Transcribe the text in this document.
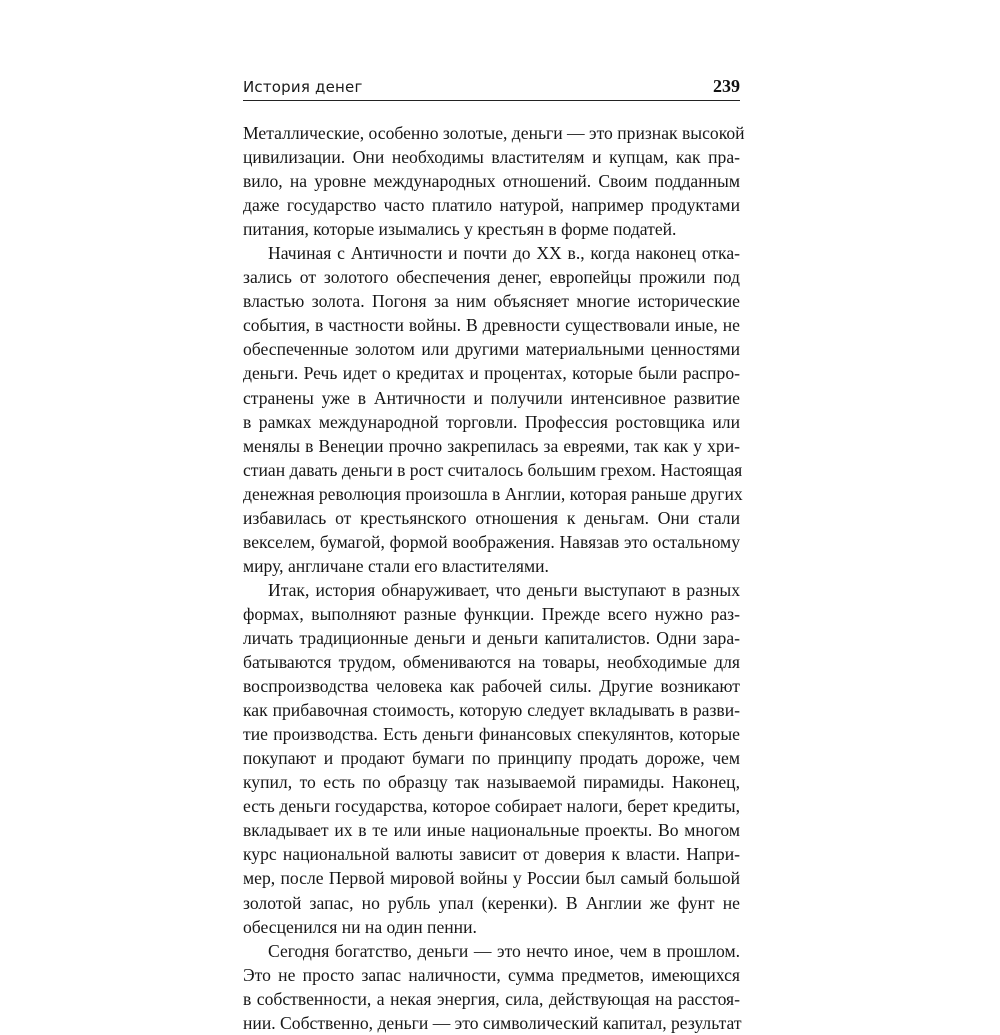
История денег	239
Металлические, особенно золотые, деньги — это признак высокой
цивилизации. Они необходимы властителям и купцам, как пра-
вило, на уровне международных отношений. Своим подданным
даже государство часто платило натурой, например продуктами
питания, которые изымались у крестьян в форме податей.
Начиная с Античности и почти до XX в., когда наконец отка-
зались от золотого обеспечения денег, европейцы прожили под
властью золота. Погоня за ним объясняет многие исторические
события, в частности войны. В древности существовали иные, не
обеспеченные золотом или другими материальными ценностями
деньги. Речь идет о кредитах и процентах, которые были распро-
странены уже в Античности и получили интенсивное развитие
в рамках международной торговли. Профессия ростовщика или
менялы в Венеции прочно закрепилась за евреями, так как у хри-
стиан давать деньги в рост считалось большим грехом. Настоящая
денежная революция произошла в Англии, которая раньше других
избавилась от крестьянского отношения к деньгам. Они стали
векселем, бумагой, формой воображения. Навязав это остальному
миру, англичане стали его властителями.
Итак, история обнаруживает, что деньги выступают в разных
формах, выполняют разные функции. Прежде всего нужно раз-
личать традиционные деньги и деньги капиталистов. Одни зара-
батываются трудом, обмениваются на товары, необходимые для
воспроизводства человека как рабочей силы. Другие возникают
как прибавочная стоимость, которую следует вкладывать в разви-
тие производства. Есть деньги финансовых спекулянтов, которые
покупают и продают бумаги по принципу продать дороже, чем
купил, то есть по образцу так называемой пирамиды. Наконец,
есть деньги государства, которое собирает налоги, берет кредиты,
вкладывает их в те или иные национальные проекты. Во многом
курс национальной валюты зависит от доверия к власти. Напри-
мер, после Первой мировой войны у России был самый большой
золотой запас, но рубль упал (керенки). В Англии же фунт не
обесценился ни на один пенни.
Сегодня богатство, деньги — это нечто иное, чем в прошлом.
Это не просто запас наличности, сумма предметов, имеющихся
в собственности, а некая энергия, сила, действующая на расстоя-
нии. Собственно, деньги — это символический капитал, результат
